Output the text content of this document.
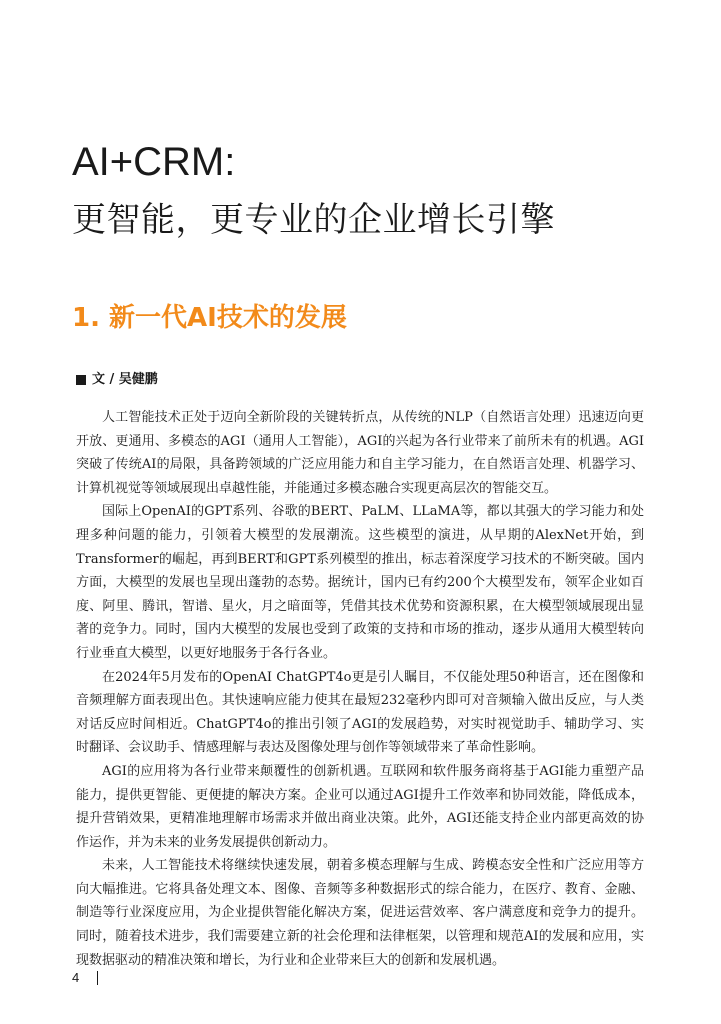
AI+CRM:
更智能，更专业的企业增长引擎
1. 新一代AI技术的发展
文 / 吴健鹏

人工智能技术正处于迈向全新阶段的关键转折点，从传统的NLP（自然语言处理）迅速迈向更开放、更通用、多模态的AGI（通用人工智能），AGI的兴起为各行业带来了前所未有的机遇。AGI突破了传统AI的局限，具备跨领域的广泛应用能力和自主学习能力，在自然语言处理、机器学习、计算机视觉等领域展现出卓越性能，并能通过多模态融合实现更高层次的智能交互。

国际上OpenAI的GPT系列、谷歌的BERT、PaLM、LLaMA等，都以其强大的学习能力和处理多种问题的能力，引领着大模型的发展潮流。这些模型的演进，从早期的AlexNet开始，到Transformer的崛起，再到BERT和GPT系列模型的推出，标志着深度学习技术的不断突破。国内方面，大模型的发展也呈现出蓬勃的态势。据统计，国内已有约200个大模型发布，领军企业如百度、阿里、腾讯，智谱、星火，月之暗面等，凭借其技术优势和资源积累，在大模型领域展现出显著的竞争力。同时，国内大模型的发展也受到了政策的支持和市场的推动，逐步从通用大模型转向行业垂直大模型，以更好地服务于各行各业。

在2024年5月发布的OpenAI ChatGPT4o更是引人瞩目，不仅能处理50种语言，还在图像和音频理解方面表现出色。其快速响应能力使其在最短232毫秒内即可对音频输入做出反应，与人类对话反应时间相近。ChatGPT4o的推出引领了AGI的发展趋势，对实时视觉助手、辅助学习、实时翻译、会议助手、情感理解与表达及图像处理与创作等领域带来了革命性影响。

AGI的应用将为各行业带来颠覆性的创新机遇。互联网和软件服务商将基于AGI能力重塑产品能力，提供更智能、更便捷的解决方案。企业可以通过AGI提升工作效率和协同效能，降低成本，提升营销效果，更精准地理解市场需求并做出商业决策。此外，AGI还能支持企业内部更高效的协作运作，并为未来的业务发展提供创新动力。

未来，人工智能技术将继续快速发展，朝着多模态理解与生成、跨模态安全性和广泛应用等方向大幅推进。它将具备处理文本、图像、音频等多种数据形式的综合能力，在医疗、教育、金融、制造等行业深度应用，为企业提供智能化解决方案，促进运营效率、客户满意度和竞争力的提升。同时，随着技术进步，我们需要建立新的社会伦理和法律框架，以管理和规范AI的发展和应用，实现数据驱动的精准决策和增长，为行业和企业带来巨大的创新和发展机遇。

4
